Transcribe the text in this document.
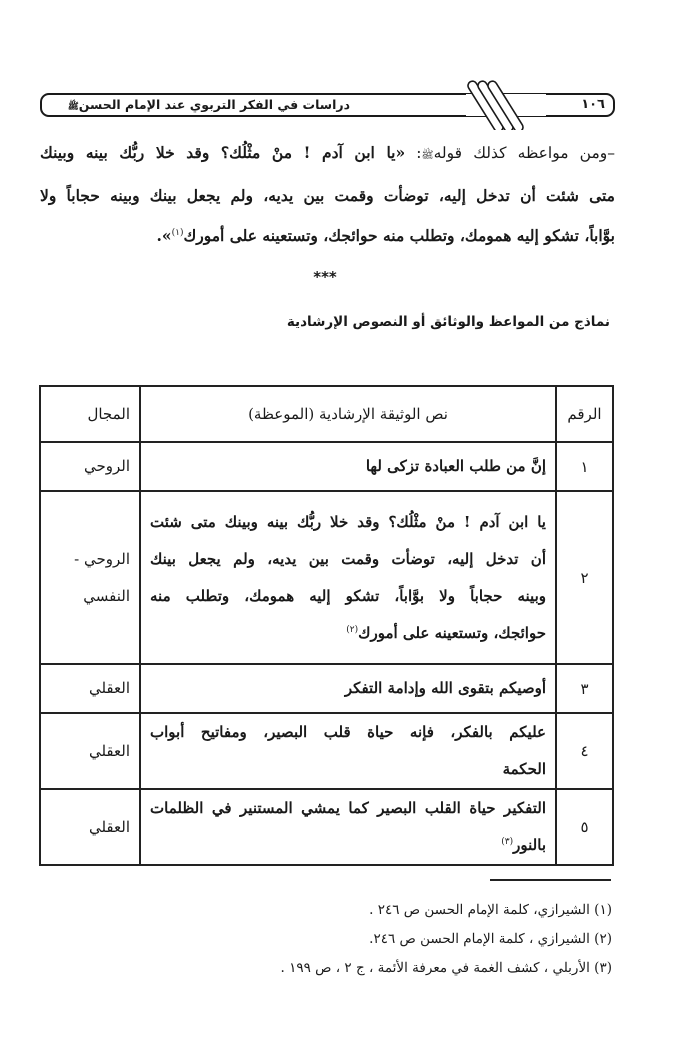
دراسات في الفكر التربوي عند الإمام الحسنﷺ	١٠٦
–ومن مواعظه كذلك قولهﷺ: «يا ابن آدم ! منْ مثْلُك؟ وقد خلا ربُّك بينه وبينك
متى شئت أن تدخل إليه، توضأت وقمت بين يديه، ولم يجعل بينك وبينه حجاباً ولا
بوَّاباً، تشكو إليه همومك، وتطلب منه حوائجك، وتستعينه على أمورك$^{(١)}$».
***
نماذج من المواعظ والوثائق أو النصوص الإرشادية
الرقم	نص الوثيقة الإرشادية (الموعظة)	المجال
١	إنَّ من طلب العبادة تزكى لها	الروحي

٢	يا ابن آدم ! منْ مثْلُك؟ وقد خلا ربُّك بينه وبينك متى شئت
أن تدخل إليه، توضأت وقمت بين يديه، ولم يجعل بينك
وبينه حجاباً ولا بوَّاباً، تشكو إليه همومك، وتطلب منه
حوائجك، وتستعينه على أمورك$^{(٢)}$	الروحي -
النفسي

٣	أوصيكم بتقوى الله وإدامة التفكر	العقلي

٤	عليكم بالفكر، فإنه حياة قلب البصير، ومفاتيح أبواب
الحكمة	العقلي

٥	التفكير حياة القلب البصير كما يمشي المستنير في الظلمات
بالنور$^{(٣)}$	العقلي
(١) الشيرازي، كلمة الإمام الحسن ص ٢٤٦ .
(٢) الشيرازي ، كلمة الإمام الحسن ص ٢٤٦.
(٣) الأربلي ، كشف الغمة في معرفة الأئمة ، ج ٢ ، ص ١٩٩ .
